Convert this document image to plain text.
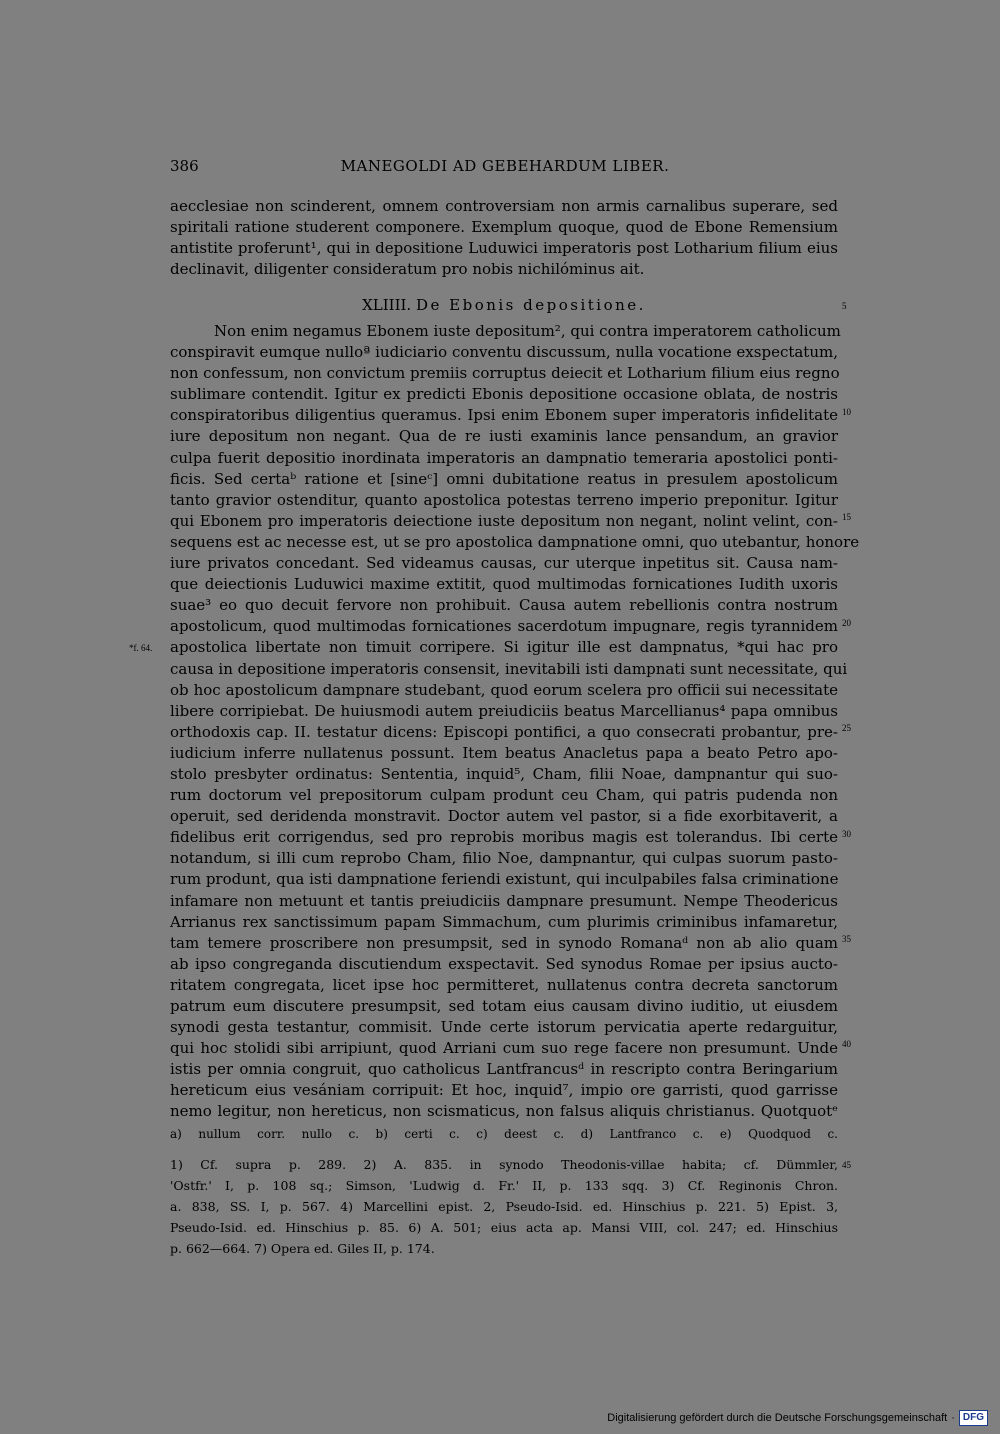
386	MANEGOLDI AD GEBEHARDUM LIBER.
aecclesiae non scinderent, omnem controversiam non armis carnalibus superare, sed
spiritali ratione studerent componere. Exemplum quoque, quod de Ebone Remensium
antistite proferunt¹, qui in depositione Luduwici imperatoris post Lotharium filium eius
declinavit, diligenter consideratum pro nobis nichilóminus ait.
XLIIII. De Ebonis depositione.	5
Non enim negamus Ebonem iuste depositum², qui contra imperatorem catholicum
conspiravit eumque nulloª iudiciario conventu discussum, nulla vocatione exspectatum,
non confessum, non convictum premiis corruptus deiecit et Lotharium filium eius regno
sublimare contendit. Igitur ex predicti Ebonis depositione occasione oblata, de nostris
conspiratoribus diligentius queramus. Ipsi enim Ebonem super imperatoris infidelitate
iure depositum non negant. Qua de re iusti examinis lance pensandum, an gravior
culpa fuerit depositio inordinata imperatoris an dampnatio temeraria apostolici ponti-
ficis. Sed certaᵇ ratione et [sineᶜ] omni dubitatione reatus in presulem apostolicum
tanto gravior ostenditur, quanto apostolica potestas terreno imperio preponitur. Igitur
qui Ebonem pro imperatoris deiectione iuste depositum non negant, nolint velint, con-
sequens est ac necesse est, ut se pro apostolica dampnatione omni, quo utebantur, honore
iure privatos concedant. Sed videamus causas, cur uterque inpetitus sit. Causa nam-
que deiectionis Luduwici maxime extitit, quod multimodas fornicationes Iudith uxoris
suae³ eo quo decuit fervore non prohibuit. Causa autem rebellionis contra nostrum
apostolicum, quod multimodas fornicationes sacerdotum impugnare, regis tyrannidem
apostolica libertate non timuit corripere. Si igitur ille est dampnatus, *qui hac pro
causa in depositione imperatoris consensit, inevitabili isti dampnati sunt necessitate, qui
ob hoc apostolicum dampnare studebant, quod eorum scelera pro officii sui necessitate
libere corripiebat. De huiusmodi autem preiudiciis beatus Marcellianus⁴ papa omnibus
orthodoxis cap. II. testatur dicens: Episcopi pontifici, a quo consecrati probantur, pre-
iudicium inferre nullatenus possunt. Item beatus Anacletus papa a beato Petro apo-
stolo presbyter ordinatus: Sententia, inquid⁵, Cham, filii Noae, dampnantur qui suo-
rum doctorum vel prepositorum culpam produnt ceu Cham, qui patris pudenda non
operuit, sed deridenda monstravit. Doctor autem vel pastor, si a fide exorbitaverit, a
fidelibus erit corrigendus, sed pro reprobis moribus magis est tolerandus. Ibi certe
notandum, si illi cum reprobo Cham, filio Noe, dampnantur, qui culpas suorum pasto-
rum produnt, qua isti dampnatione feriendi existunt, qui inculpabiles falsa criminatione
infamare non metuunt et tantis preiudiciis dampnare presumunt. Nempe Theodericus
Arrianus rex sanctissimum papam Simmachum, cum plurimis criminibus infamaretur,
tam temere proscribere non presumpsit, sed in synodo Romanaᵈ non ab alio quam
ab ipso congreganda discutiendum exspectavit. Sed synodus Romae per ipsius aucto-
ritatem congregata, licet ipse hoc permitteret, nullatenus contra decreta sanctorum
patrum eum discutere presumpsit, sed totam eius causam divino iuditio, ut eiusdem
synodi gesta testantur, commisit. Unde certe istorum pervicatia aperte redarguitur,
qui hoc stolidi sibi arripiunt, quod Arriani cum suo rege facere non presumunt. Unde
istis per omnia congruit, quo catholicus Lantfrancusᵈ in rescripto contra Beringarium
hereticum eius vesániam corripuit: Et hoc, inquid⁷, impio ore garristi, quod garrisse
nemo legitur, non hereticus, non scismaticus, non falsus aliquis christianus. Quotquotᵉ
10
15
20
25
30
35
40
*f. 64.
a) nullum corr. nullo c. b) certi c. c) deest c. d) Lantfranco c. e) Quodquod c.
1) Cf. supra p. 289. 2) A. 835. in synodo Theodonis-villae habita; cf. Dümmler,
'Ostfr.' I, p. 108 sq.; Simson, 'Ludwig d. Fr.' II, p. 133 sqq. 3) Cf. Reginonis Chron.
a. 838, SS. I, p. 567. 4) Marcellini epist. 2, Pseudo-Isid. ed. Hinschius p. 221. 5) Epist. 3,
Pseudo-Isid. ed. Hinschius p. 85. 6) A. 501; eius acta ap. Mansi VIII, col. 247; ed. Hinschius
p. 662—664. 7) Opera ed. Giles II, p. 174.
45
Digitalisierung gefördert durch die Deutsche Forschungsgemeinschaft · DFG
